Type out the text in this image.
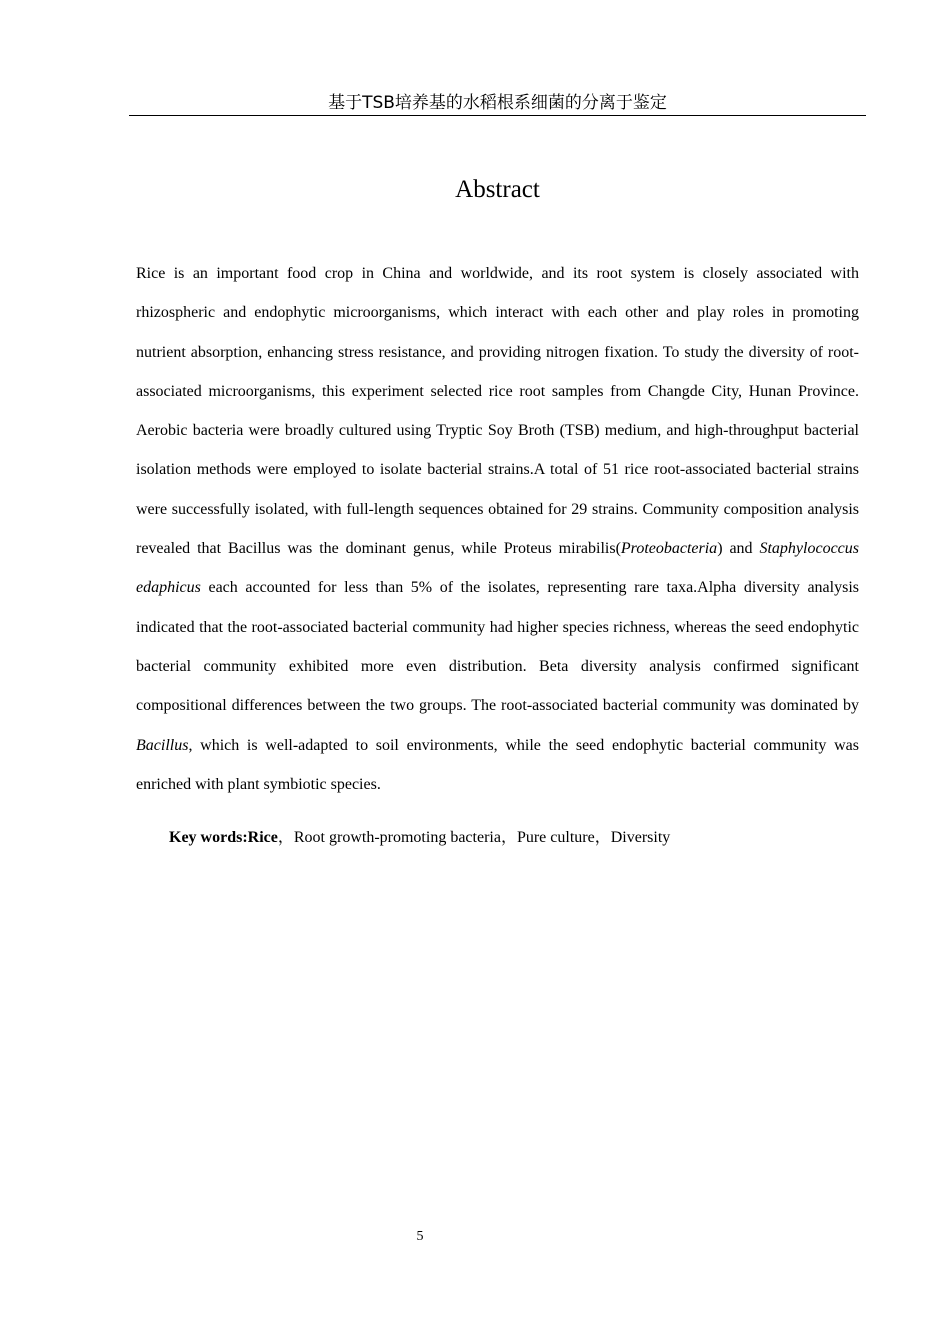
基于TSB培养基的水稻根系细菌的分离于鉴定
Abstract

Rice is an important food crop in China and worldwide, and its root system is closely associated with rhizospheric and endophytic microorganisms, which interact with each other and play roles in promoting nutrient absorption, enhancing stress resistance, and providing nitrogen fixation. To study the diversity of root-associated microorganisms, this experiment selected rice root samples from Changde City, Hunan Province. Aerobic bacteria were broadly cultured using Tryptic Soy Broth (TSB) medium, and high-throughput bacterial isolation methods were employed to isolate bacterial strains.A total of 51 rice root-associated bacterial strains were successfully isolated, with full-length sequences obtained for 29 strains. Community composition analysis revealed that Bacillus was the dominant genus, while Proteus mirabilis(Proteobacteria) and Staphylococcus edaphicus each accounted for less than 5% of the isolates, representing rare taxa.Alpha diversity analysis indicated that the root-associated bacterial community had higher species richness, whereas the seed endophytic bacterial community exhibited more even distribution. Beta diversity analysis confirmed significant compositional differences between the two groups. The root-associated bacterial community was dominated by Bacillus, which is well-adapted to soil environments, while the seed endophytic bacterial community was enriched with plant symbiotic species.

Key words:Rice，Root growth-promoting bacteria，Pure culture，Diversity

5
